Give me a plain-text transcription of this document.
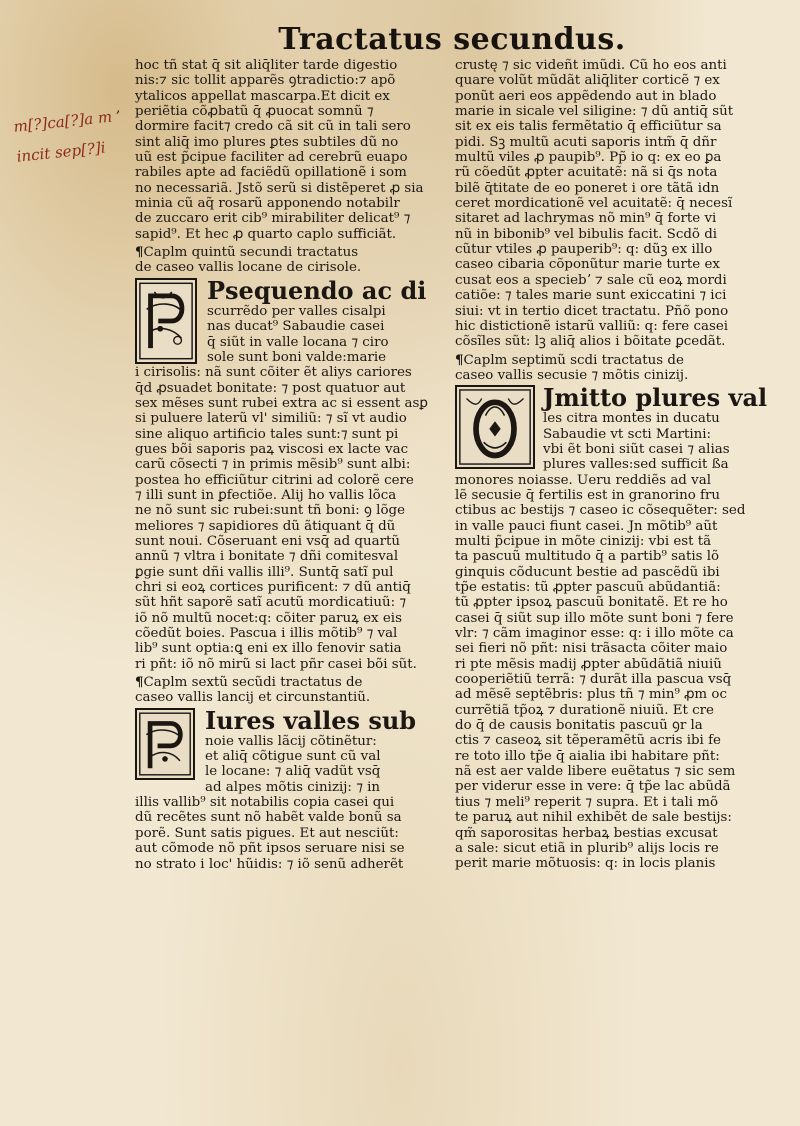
,
m[?]ca[?]a m
incit sep[?]i
Tractatus secundus.
hoc tñ stat q̄ sit aliq̄liter tarde digestio
nis:⁊ sic tollit apparẽs ꝯtradictio:⁊ apõ
ytalicos appellat̃ mascarpa.Et dicit ex
periẽtia cõꝓbatũ q̄ ꝓuocat somnũ ⁊
dormire facit⁊ credo cã sit cũ in tali sero
sint aliq̄ imo plures ꝑtes subtiles dũ no
uũ est p̃cipue faciliter ad cerebrũ euapo
rabiles apte ad faciẽdũ opillationẽ i som
no necessariã. Jstõ serũ si distẽperet ꝓ sia
minia cũ aq̃ rosarũ apponendo notabiĺr
de zuccaro erit cib⁹ mirabiliter delicat⁹ ⁊
sapid⁹. Et hec ꝓ quarto capĺo sufficiãt.
¶Capl̃m quintũ secundi tractatus
de caseo vallis locane de cirisole.
Psequendo ac di
scurrẽdo per valles cisalpi
nas ducat⁹ Sabaudie casei
q̄ siũt in valle locana ⁊ ciro
sole sunt boni valde:marie
i cirisolis: nã sunt cõiter ẽt aliys cariores
q̄d ꝓsuadet bonitate: ⁊ post quatuor aut
sex mẽses sunt rubei extra ac si essent asꝑ
si puluere laterũ vl' similiũ: ⁊ sĩ vt audio
sine aliquo artificio tales sunt:⁊ sunt pi
gues bõi saporis paꝝ viscosi ex lacte vac
carũ cõsecti ⁊ in primis mẽsib⁹ sunt albi:
postea ho efficiũtur citrini ad colorẽ cere
⁊ illi sunt in ꝑfectiõe. Alij ho vallis lõca
ne nõ sunt sic rubei:sunt tñ boni: ꝯ lõge
meliores ⁊ sapidiores dũ ãtiquant q̄ dũ
sunt noui. Cõseruant eni vsq̄ ad quartũ
annũ ⁊ vltra i bonitate ⁊ dñi comitesval
ꝑgie sunt dñi vallis illi⁹. Suntq̄ satĩ pul
chri si eoꝝ cortices purificent: ⁊ dũ antiq̄
sũt hñt saporẽ satĩ acutũ mordicatiuũ: ⁊
iõ nõ multũ nocet:q: cõiter paruꝝ ex eis
cõedũt boies. Pascua i illis mõtib⁹ ⁊ val
lib⁹ sunt optia:ꝗ eni ex illo fenovir satia
ri pñt: iõ nõ mirũ si lact pñr casei bõi sũt.
¶Capl̃m sextũ secũdi tractatus de
caseo vallis lancij et circunstantiũ.
Iures valles sub
noie vallis lãcij cõtinẽtur:
et aliq̄ cõtigue sunt cũ val
le locane: ⁊ aliq̄ vadũt vsq̄
ad alpes mõtis cinizij: ⁊ in
illis vallib⁹ sit notabilis copia casei qui
dũ recẽtes sunt nõ habẽt valde bonũ sa
porẽ. Sunt satis pigues. Et aut nesciũt:
aut cõmode nõ pñt ipsos seruare nisi se
no strato i loc' hũidis: ⁊ iõ senũ adherẽt
crustę ⁊ sic videñt imũdi. Cũ ho eos anti
quare volũt mũdãt aliq̄liter corticẽ ⁊ ex
ponũt aeri eos appẽdendo aut in blado
marie in sicale vel siligine: ⁊ dũ antiq̄ sũt
sit ex eis talis fermẽtatio q̄ efficiũtur sa
pidi. Sꝫ multũ acuti saporis intm̃ q̄ dñr
multũ viles ꝓ paupib⁹. Pp̃ io q: ex eo ꝑa
rũ cõedũt ꝓpter acuitatẽ: nã si q̄s nota
bilẽ q̄titate de eo poneret i ore tãtã idn
ceret mordicationẽ vel acuitatẽ: q̄ necesĩ
sitaret ad lachrymas nõ min⁹ q̄ forte vi
nũ in bibonib⁹ vel bibulis facit. Scdõ di
cũtur vtiles ꝓ pauperib⁹: q: dũꝫ ex illo
caseo cibaria cõponũtur marie turte ex
cusat eos a speciebʼ ⁊ sale cũ eoꝝ mordi
catiõe: ⁊ tales marie sunt exiccatini ⁊ ici
siui: vt in tertio dicet tractatu. Pñõ pono
hic distictionẽ istarũ valliũ: q: fere casei
cõsĩles sũt: lꝫ aliq̄ alios i bõitate ꝑcedãt.
¶Capl̃m septimũ scdi tractatus de
caseo vallis secusie ⁊ mõtis cinizij.
Jmitto plures val
les citra montes in ducatu
Sabaudie vt scti Martini:
vbi ẽt boni siũt casei ⁊ alias
plures valles:sed sufficit ßa
monores noiasse. Ueru reddiẽs ad val
lẽ secusie q̄ fertilis est in granorino fru
ctibus ac bestijs ⁊ caseo ic cõsequẽter: sed
in valle pauci fiunt casei. Jn mõtib⁹ aũt
multi p̃cipue in mõte cinizij: vbi est tã
ta pascuũ multitudo q̄ a partib⁹ satis lõ
ginquis cõducunt bestie ad pascẽdũ ibi
tp̃e estatis: tũ ꝓpter pascuũ abũdantiã:
tũ ꝓpter ipsoꝝ pascuũ bonitatẽ. Et re ho
casei q̄ siũt sup illo mõte sunt boni ⁊ fere
vlr: ⁊ cãm imaginor esse: q: i illo mõte ca
sei fieri nõ pñt: nisi trãsacta cõiter maio
ri pte mẽsis madij ꝓpter abũdãtiã niuiũ
cooperiẽtiũ terrã: ⁊ durãt illa pascua vsq̄
ad mẽsẽ septẽbris: plus tñ ⁊ min⁹ ꝓm oc
currẽtiã tp̃oꝝ ⁊ durationẽ niuiũ. Et cre
do q̄ de causis bonitatis pascuũ ꝯr la
ctis ⁊ caseoꝝ sit tẽperamẽtũ acris ibi fe
re toto illo tp̃e q̄ aialia ibi habitare pñt:
nã est aer valde libere euẽtatus ⁊ sic sem
per viderur esse in vere: q̄ tp̃e lac abũdã
tius ⁊ meli⁹ reperit ⁊ supra. Et i tali mõ
te paruꝝ aut nihil exhibẽt de sale bestijs:
qm̃ saporositas herbaꝝ bestias excusat
a sale: sicut etiã in plurib⁹ alijs locis re
perit marie mõtuosis: q: in locis planis
